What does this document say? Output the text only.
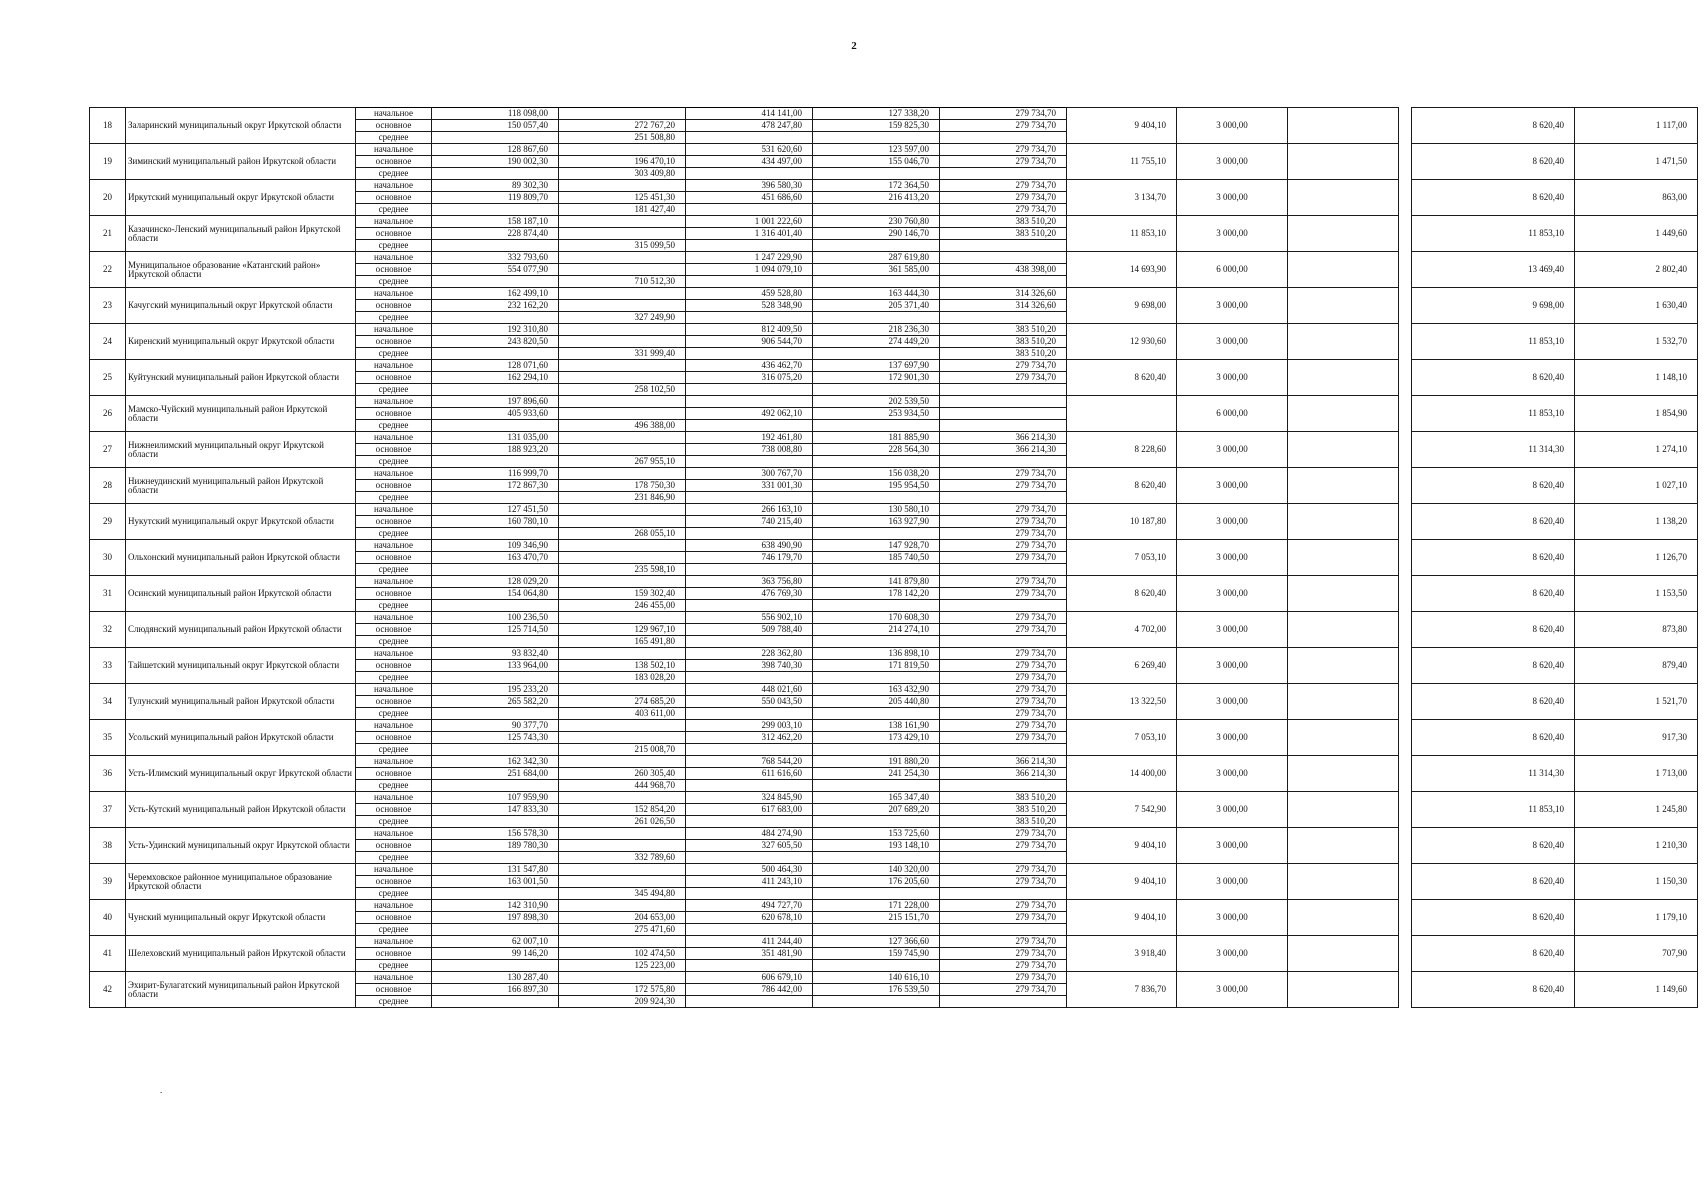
2
18	Заларинский муниципальный округ Иркутской области	начальное	118 098,00		414 141,00	127 338,20	279 734,70	9 404,10	3 000,00			8 620,40	1 117,00
		основное	150 057,40	272 767,20	478 247,80	159 825,30	279 734,70						
		среднее		251 508,80									
19	Зиминский муниципальный район Иркутской области	начальное	128 867,60		531 620,60	123 597,00	279 734,70	11 755,10	3 000,00			8 620,40	1 471,50
		основное	190 002,30	196 470,10	434 497,00	155 046,70	279 734,70						
		среднее		303 409,80									
20	Иркутский муниципальный округ Иркутской области	начальное	89 302,30		396 580,30	172 364,50	279 734,70	3 134,70	3 000,00			8 620,40	863,00
		основное	119 809,70	125 451,30	451 686,60	216 413,20	279 734,70						
		среднее		181 427,40			279 734,70						
21	Казачинско-Ленский муниципальный район Иркутской области	начальное	158 187,10		1 001 222,60	230 760,80	383 510,20	11 853,10	3 000,00			11 853,10	1 449,60
		основное	228 874,40		1 316 401,40	290 146,70	383 510,20						
		среднее		315 099,50									
22	Муниципальное образование «Катангский район» Иркутской области	начальное	332 793,60		1 247 229,90	287 619,80		14 693,90	6 000,00			13 469,40	2 802,40
		основное	554 077,90		1 094 079,10	361 585,00	438 398,00						
		среднее		710 512,30									
23	Качугский муниципальный округ Иркутской области	начальное	162 499,10		459 528,80	163 444,30	314 326,60	9 698,00	3 000,00			9 698,00	1 630,40
		основное	232 162,20		528 348,90	205 371,40	314 326,60						
		среднее		327 249,90									
24	Киренский муниципальный округ Иркутской области	начальное	192 310,80		812 409,50	218 236,30	383 510,20	12 930,60	3 000,00			11 853,10	1 532,70
		основное	243 820,50		906 544,70	274 449,20	383 510,20						
		среднее		331 999,40			383 510,20						
25	Куйтунский муниципальный район Иркутской области	начальное	128 071,60		436 462,70	137 697,90	279 734,70	8 620,40	3 000,00			8 620,40	1 148,10
		основное	162 294,10		316 075,20	172 901,30	279 734,70						
		среднее		258 102,50									
26	Мамско-Чуйский муниципальный район Иркутской области	начальное	197 896,60			202 539,50			6 000,00			11 853,10	1 854,90
		основное	405 933,60		492 062,10	253 934,50							
		среднее		496 388,00									
27	Нижнеилимский муниципальный округ Иркутской области	начальное	131 035,00		192 461,80	181 885,90	366 214,30	8 228,60	3 000,00			11 314,30	1 274,10
		основное	188 923,20		738 008,80	228 564,30	366 214,30						
		среднее		267 955,10									
28	Нижнеудинский муниципальный район Иркутской области	начальное	116 999,70		300 767,70	156 038,20	279 734,70	8 620,40	3 000,00			8 620,40	1 027,10
		основное	172 867,30	178 750,30	331 001,30	195 954,50	279 734,70						
		среднее		231 846,90									
29	Нукутский муниципальный округ Иркутской области	начальное	127 451,50		266 163,10	130 580,10	279 734,70	10 187,80	3 000,00			8 620,40	1 138,20
		основное	160 780,10		740 215,40	163 927,90	279 734,70						
		среднее		268 055,10			279 734,70						
30	Ольхонский муниципальный район Иркутской области	начальное	109 346,90		638 490,90	147 928,70	279 734,70	7 053,10	3 000,00			8 620,40	1 126,70
		основное	163 470,70		746 179,70	185 740,50	279 734,70						
		среднее		235 598,10									
31	Осинский муниципальный район Иркутской области	начальное	128 029,20		363 756,80	141 879,80	279 734,70	8 620,40	3 000,00			8 620,40	1 153,50
		основное	154 064,80	159 302,40	476 769,30	178 142,20	279 734,70						
		среднее		246 455,00									
32	Слюдянский муниципальный район Иркутской области	начальное	100 236,50		556 902,10	170 608,30	279 734,70	4 702,00	3 000,00			8 620,40	873,80
		основное	125 714,50	129 967,10	509 788,40	214 274,10	279 734,70						
		среднее		165 491,80									
33	Тайшетский муниципальный округ Иркутской области	начальное	93 832,40		228 362,80	136 898,10	279 734,70	6 269,40	3 000,00			8 620,40	879,40
		основное	133 964,00	138 502,10	398 740,30	171 819,50	279 734,70						
		среднее		183 028,20			279 734,70						
34	Тулунский муниципальный район Иркутской области	начальное	195 233,20		448 021,60	163 432,90	279 734,70	13 322,50	3 000,00			8 620,40	1 521,70
		основное	265 582,20	274 685,20	550 043,50	205 440,80	279 734,70						
		среднее		403 611,00			279 734,70						
35	Усольский муниципальный район Иркутской области	начальное	90 377,70		299 003,10	138 161,90	279 734,70	7 053,10	3 000,00			8 620,40	917,30
		основное	125 743,30		312 462,20	173 429,10	279 734,70						
		среднее		215 008,70									
36	Усть-Илимский муниципальный округ Иркутской области	начальное	162 342,30		768 544,20	191 880,20	366 214,30	14 400,00	3 000,00			11 314,30	1 713,00
		основное	251 684,00	260 305,40	611 616,60	241 254,30	366 214,30						
		среднее		444 968,70									
37	Усть-Кутский муниципальный район Иркутской области	начальное	107 959,90		324 845,90	165 347,40	383 510,20	7 542,90	3 000,00			11 853,10	1 245,80
		основное	147 833,30	152 854,20	617 683,00	207 689,20	383 510,20						
		среднее		261 026,50			383 510,20						
38	Усть-Удинский муниципальный округ Иркутской области	начальное	156 578,30		484 274,90	153 725,60	279 734,70	9 404,10	3 000,00			8 620,40	1 210,30
		основное	189 780,30		327 605,50	193 148,10	279 734,70						
		среднее		332 789,60									
39	Черемховское районное муниципальное образование Иркутской области	начальное	131 547,80		500 464,30	140 320,00	279 734,70	9 404,10	3 000,00			8 620,40	1 150,30
		основное	163 001,50		411 243,10	176 205,60	279 734,70						
		среднее		345 494,80									
40	Чунский муниципальный округ Иркутской области	начальное	142 310,90		494 727,70	171 228,00	279 734,70	9 404,10	3 000,00			8 620,40	1 179,10
		основное	197 898,30	204 653,00	620 678,10	215 151,70	279 734,70						
		среднее		275 471,60									
41	Шелеховский муниципальный район Иркутской области	начальное	62 007,10		411 244,40	127 366,60	279 734,70	3 918,40	3 000,00			8 620,40	707,90
		основное	99 146,20	102 474,50	351 481,90	159 745,90	279 734,70						
		среднее		125 223,00			279 734,70						
42	Эхирит-Булагатский муниципальный район Иркутской области	начальное	130 287,40		606 679,10	140 616,10	279 734,70	7 836,70	3 000,00			8 620,40	1 149,60
		основное	166 897,30	172 575,80	786 442,00	176 539,50	279 734,70						
		среднее		209 924,30									
.
